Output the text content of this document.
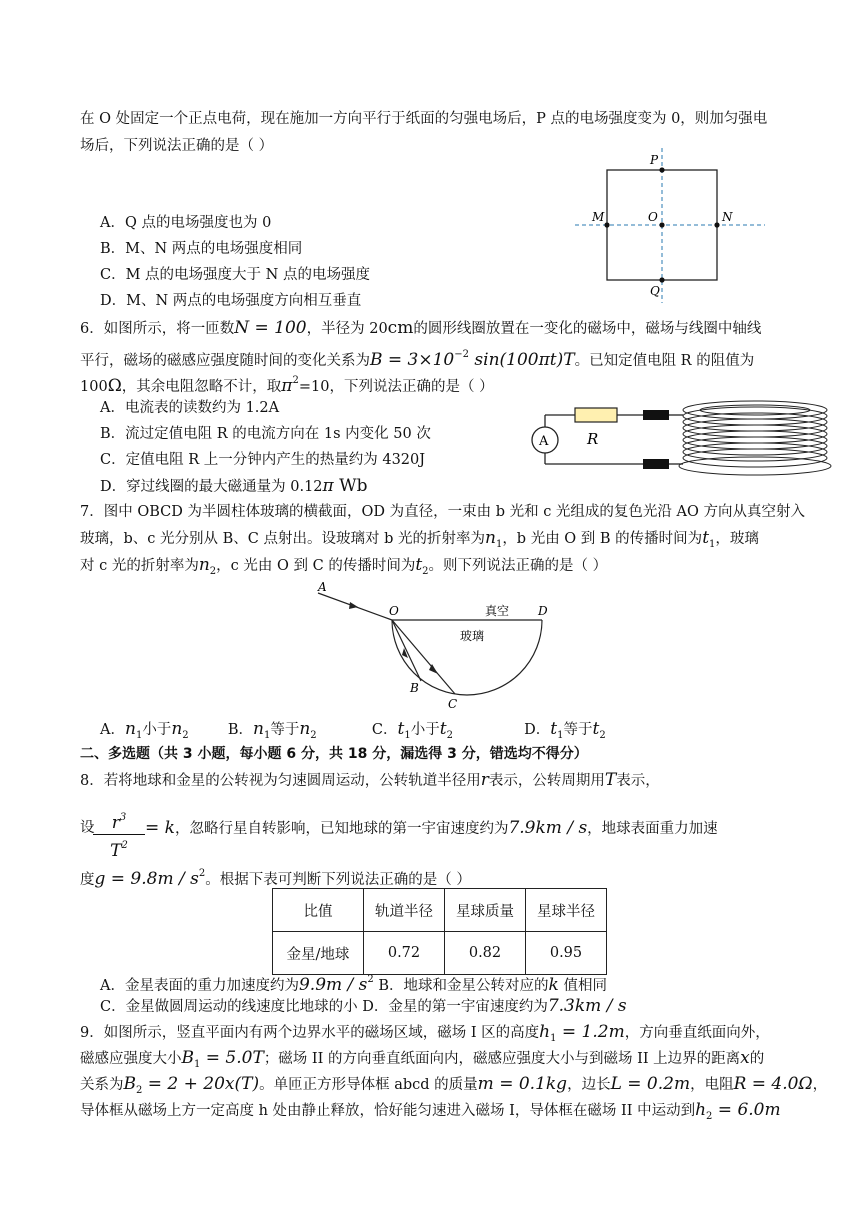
在 O 处固定一个正点电荷，现在施加一方向平行于纸面的匀强电场后，P 点的电场强度变为 0，则加匀强电
场后，下列说法正确的是（ ）
P
O
M	N
Q
A．Q 点的电场强度也为 0
B．M、N 两点的电场强度相同
C．M 点的电场强度大于 N 点的电场强度
D．M、N 两点的电场强度方向相互垂直
6．如图所示，将一匝数N = 100，半径为 20cm的圆形线圈放置在一变化的磁场中，磁场与线圈中轴线
平行，磁场的磁感应强度随时间的变化关系为$B = 3\times 10^{-2}$ sin(100πt)T。已知定值电阻 R 的阻值为
100Ω，其余电阻忽略不计，取$\pi^2=10$，下列说法正确的是（ ）
A．电流表的读数约为 1.2A
B．流过定值电阻 R 的电流方向在 1s 内变化 50 次
C．定值电阻 R 上一分钟内产生的热量约为 4320J
D．穿过线圈的最大磁通量为 0.12π Wb
A	R
7．图中 OBCD 为半圆柱体玻璃的横截面，OD 为直径，一束由 b 光和 c 光组成的复色光沿 AO 方向从真空射入
玻璃，b、c 光分别从 B、C 点射出。设玻璃对 b 光的折射率为$n_1$，b 光由 O 到 B 的传播时间为$t_1$，玻璃
对 c 光的折射率为$n_2$，c 光由 O 到 C 的传播时间为$t_2$。则下列说法正确的是（ ）
A
O	D
B
C
真空
玻璃
A．$n_1$小于$n_2$	B．$n_1$等于$n_2$	C．$t_1$小于$t_2$	D．$t_1$等于$t_2$
二、多选题（共 3 小题，每小题 6 分，共 18 分，漏选得 3 分，错选均不得分）
8．若将地球和金星的公转视为匀速圆周运动，公转轨道半径用r表示，公转周期用T表示，
设
$\frac{r^3}{T^2} = k$，忽略行星自转影响，已知地球的第一宇宙速度约为7.9km / s，地球表面重力加速
度$g = 9.8m / s^2$。根据下表可判断下列说法正确的是（ ）
比值	轨道半径	星球质量	星球半径
金星/地球	0.72	0.82	0.95
A．金星表面的重力加速度约为$9.9m / s^2$ B．地球和金星公转对应的k 值相同
C．金星做圆周运动的线速度比地球的小 D．金星的第一宇宙速度约为7.3km / s
9．如图所示，竖直平面内有两个边界水平的磁场区域，磁场 I 区的高度$h_1 = 1.2m$，方向垂直纸面向外，
磁感应强度大小$B_1 = 5.0T$；磁场 II 的方向垂直纸面向内，磁感应强度大小与到磁场 II 上边界的距离x的
关系为$B_2 = 2 + 20x(T)$。单匝正方形导体框 abcd 的质量m = 0.1kg，边长L = 0.2m，电阻R = 4.0Ω，
导体框从磁场上方一定高度 h 处由静止释放，恰好能匀速进入磁场 I，导体框在磁场 II 中运动到$h_2 = 6.0m$
